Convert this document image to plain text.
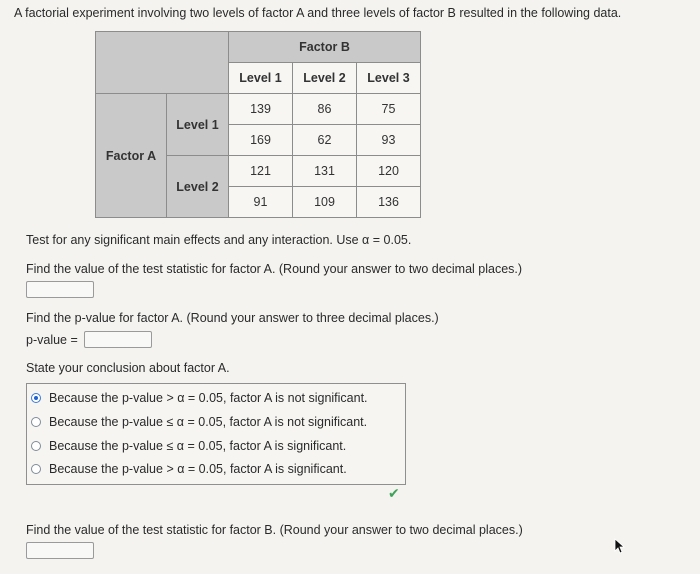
A factorial experiment involving two levels of factor A and three levels of factor B resulted in the following data.
		Factor B		
		Level 1	Level 2	Level 3
Factor A	Level 1	139	86	75
		169	62	93
	Level 2	121	131	120
		91	109	136
Test for any significant main effects and any interaction. Use α = 0.05.
Find the value of the test statistic for factor A. (Round your answer to two decimal places.)
Find the p-value for factor A. (Round your answer to three decimal places.)
p-value =
State your conclusion about factor A.
Because the p-value > α = 0.05, factor A is not significant.
Because the p-value ≤ α = 0.05, factor A is not significant.
Because the p-value ≤ α = 0.05, factor A is significant.
Because the p-value > α = 0.05, factor A is significant.
✔
Find the value of the test statistic for factor B. (Round your answer to two decimal places.)
